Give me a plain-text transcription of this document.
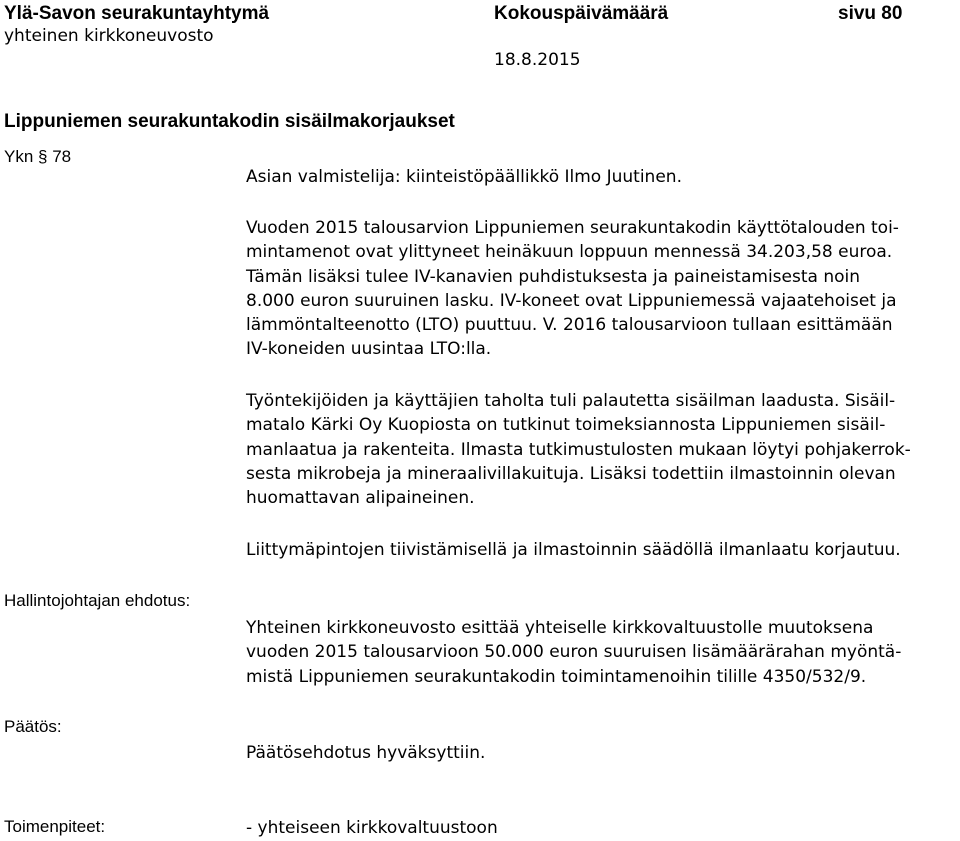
Ylä-Savon seurakuntayhtymä	Kokouspäivämäärä	sivu 80
yhteinen kirkkoneuvosto
18.8.2015
Lippuniemen seurakuntakodin sisäilmakorjaukset
Ykn § 78
Asian valmistelija: kiinteistöpäällikkö Ilmo Juutinen.
Vuoden 2015 talousarvion Lippuniemen seurakuntakodin käyttötalouden toi-
mintamenot ovat ylittyneet heinäkuun loppuun mennessä 34.203,58 euroa.
Tämän lisäksi tulee IV-kanavien puhdistuksesta ja paineistamisesta noin
8.000 euron suuruinen lasku. IV-koneet ovat Lippuniemessä vajaatehoiset ja
lämmöntalteenotto (LTO) puuttuu. V. 2016 talousarvioon tullaan esittämään
IV-koneiden uusintaa LTO:lla.
Työntekijöiden ja käyttäjien taholta tuli palautetta sisäilman laadusta. Sisäil-
matalo Kärki Oy Kuopiosta on tutkinut toimeksiannosta Lippuniemen sisäil-
manlaatua ja rakenteita. Ilmasta tutkimustulosten mukaan löytyi pohjakerrok-
sesta mikrobeja ja mineraalivillakuituja. Lisäksi todettiin ilmastoinnin olevan
huomattavan alipaineinen.
Liittymäpintojen tiivistämisellä ja ilmastoinnin säädöllä ilmanlaatu korjautuu.
Hallintojohtajan ehdotus:
Yhteinen kirkkoneuvosto esittää yhteiselle kirkkovaltuustolle muutoksena
vuoden 2015 talousarvioon 50.000 euron suuruisen lisämäärärahan myöntä-
mistä Lippuniemen seurakuntakodin toimintamenoihin tilille 4350/532/9.
Päätös:
Päätösehdotus hyväksyttiin.
Toimenpiteet:	- yhteiseen kirkkovaltuustoon
